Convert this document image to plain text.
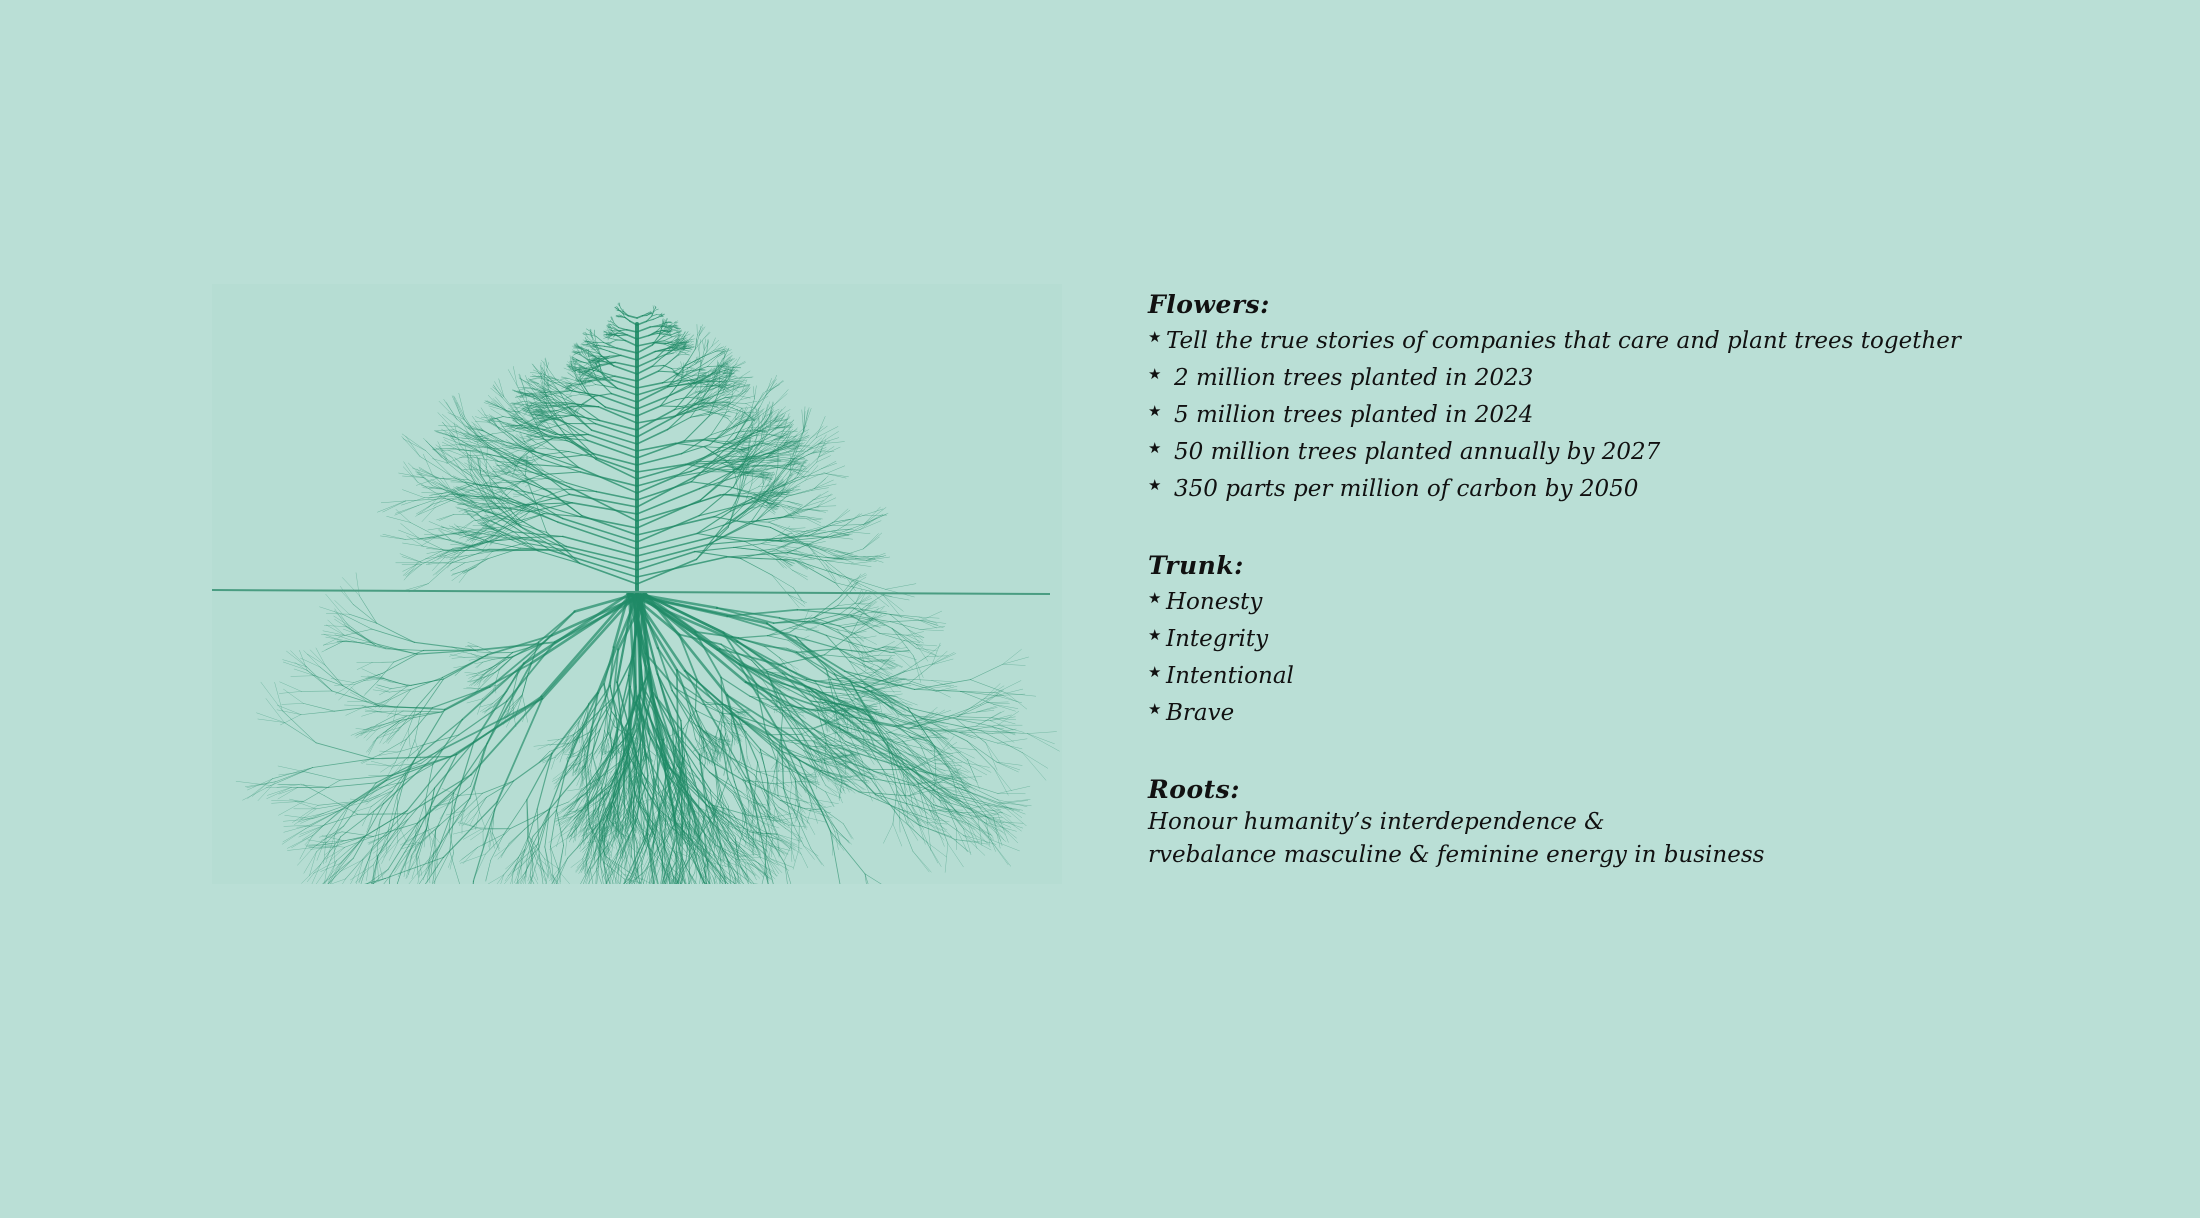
Flowers:
★ Tell the true stories of companies that care and plant trees together
★ 2 million trees planted in 2023
★ 5 million trees planted in 2024
★ 50 million trees planted annually by 2027
★ 350 parts per million of carbon by 2050
Trunk:
★ Honesty
★ Integrity
★ Intentional
★ Brave
Roots:
Honour humanity’s interdependence &
rvebalance masculine & feminine energy in business
